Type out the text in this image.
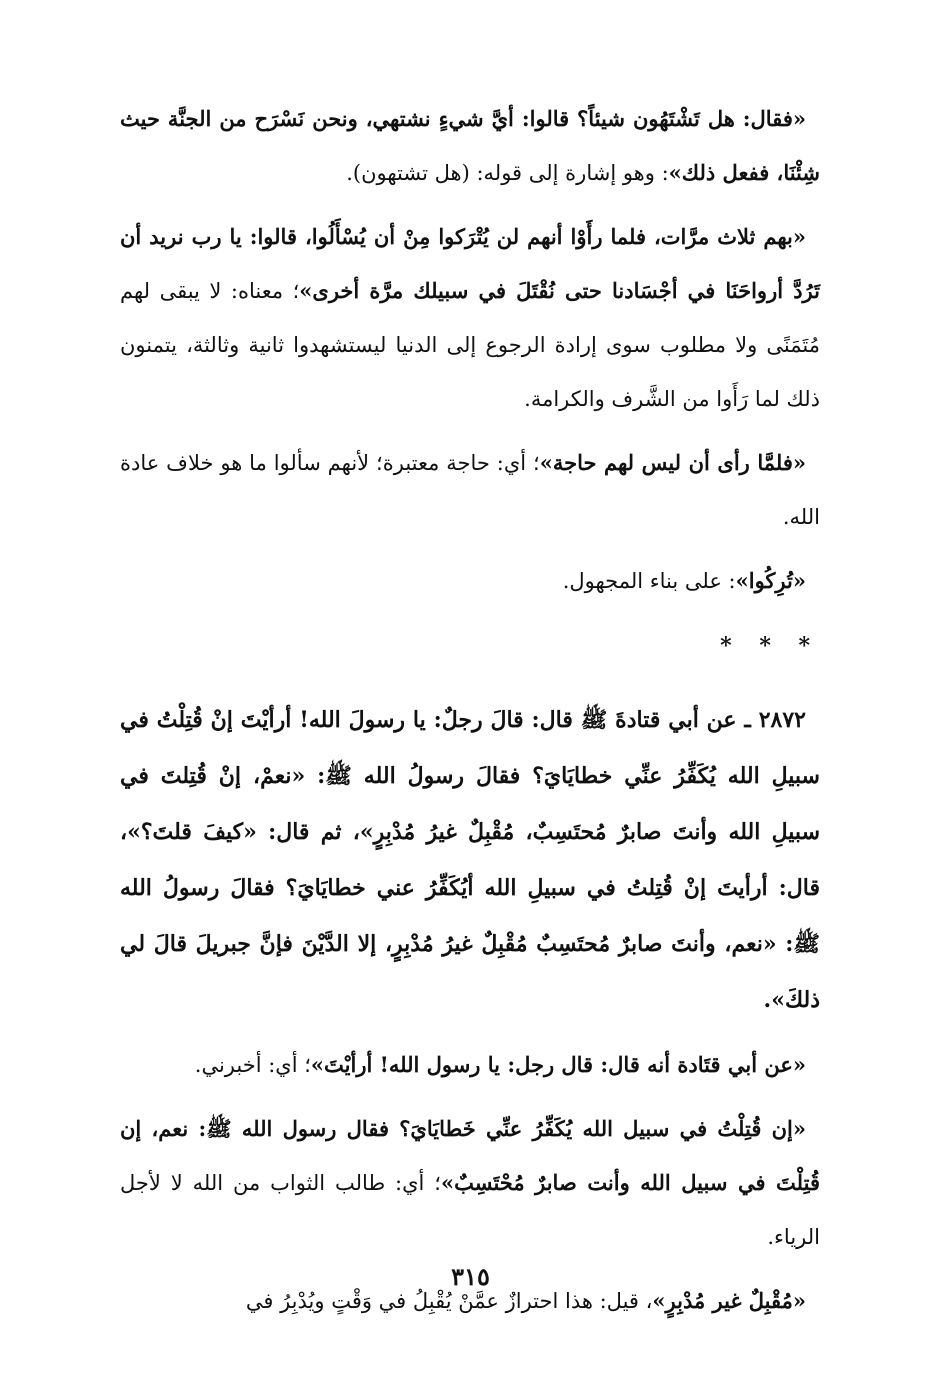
«فقال: هل تَشْتَهُون شيئاً؟ قالوا: أيَّ شيءٍ نشتهي، ونحن نَسْرَح من الجنَّة حيث شِئْنَا، ففعل ذلك»: وهو إشارة إلى قوله: (هل تشتهون).

«بهم ثلاث مرَّات، فلما رأَوْا أنهم لن يُتْرَكوا مِنْ أن يُسْأَلُوا، قالوا: يا رب نريد أن تَرُدَّ أرواحَنَا في أجْسَادنا حتى نُقْتَلَ في سبيلك مرَّة أخرى»؛ معناه: لا يبقى لهم مُتَمَنًى ولا مطلوب سوى إرادة الرجوع إلى الدنيا ليستشهدوا ثانية وثالثة، يتمنون ذلك لما رَأَوا من الشَّرف والكرامة.

«فلمَّا رأى أن ليس لهم حاجة»؛ أي: حاجة معتبرة؛ لأنهم سألوا ما هو خلاف عادة الله.

«تُرِكُوا»: على بناء المجهول.

* * *

٢٨٧٢ ـ عن أبي قتادةَ ﷺ قال: قالَ رجلٌ: يا رسولَ الله! أرأيْتَ إنْ قُتِلْتُ في سبيلِ الله يُكَفِّرُ عنِّي خطايَايَ؟ فقالَ رسولُ الله ﷺ: «نعمْ، إنْ قُتِلتَ في سبيلِ الله وأنتَ صابرٌ مُحتَسِبٌ، مُقْبِلٌ غيرُ مُدْبِرٍ»، ثم قال: «كيفَ قلتَ؟»، قال: أرأيتَ إنْ قُتِلتُ في سبيلِ الله أيُكَفِّرُ عني خطايَايَ؟ فقالَ رسولُ الله ﷺ: «نعم، وأنتَ صابرٌ مُحتَسِبٌ مُقْبِلٌ غيرُ مُدْبِرٍ، إلا الدَّيْنَ فإنَّ جبريلَ قالَ لي ذلكَ».

«عن أبي قتَادة أنه قال: قال رجل: يا رسول الله! أرأيْتَ»؛ أي: أخبرني.

«إن قُتِلْتُ في سبيل الله يُكَفِّرُ عنِّي خَطايَايَ؟ فقال رسول الله ﷺ: نعم، إن قُتِلْتَ في سبيل الله وأنت صابرٌ مُحْتَسِبٌ»؛ أي: طالب الثواب من الله لا لأجل الرياء.

«مُقْبِلٌ غير مُدْبِرٍ»، قيل: هذا احترازٌ عمَّنْ يُقْبِلُ في وَقْتٍ ويُدْبِرُ في

٣١٥
